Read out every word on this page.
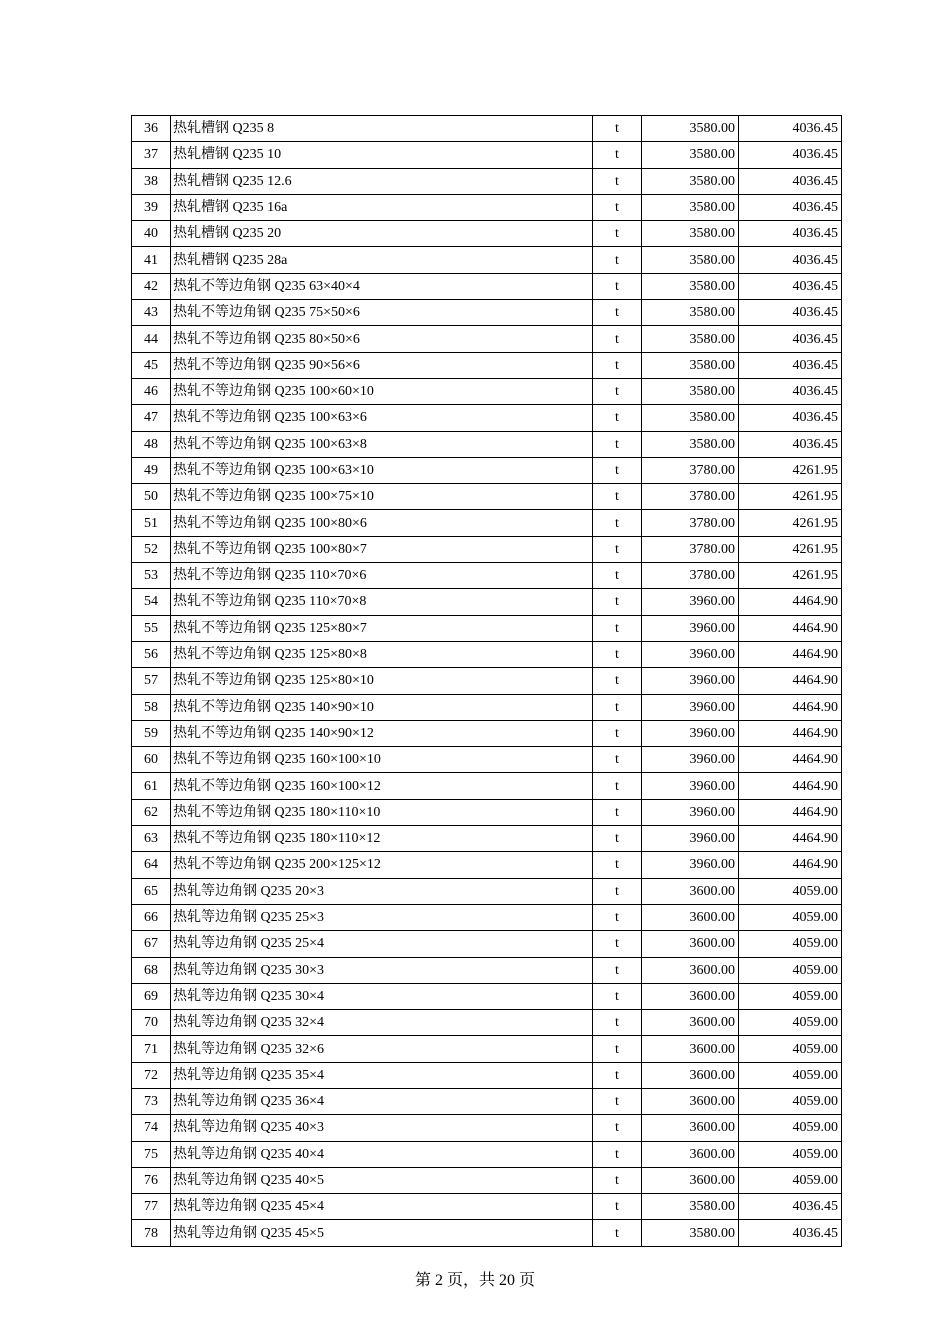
36	热轧槽钢 Q235 8	t	3580.00	4036.45
37	热轧槽钢 Q235 10	t	3580.00	4036.45
38	热轧槽钢 Q235 12.6	t	3580.00	4036.45
39	热轧槽钢 Q235 16a	t	3580.00	4036.45
40	热轧槽钢 Q235 20	t	3580.00	4036.45
41	热轧槽钢 Q235 28a	t	3580.00	4036.45
42	热轧不等边角钢 Q235 63×40×4	t	3580.00	4036.45
43	热轧不等边角钢 Q235 75×50×6	t	3580.00	4036.45
44	热轧不等边角钢 Q235 80×50×6	t	3580.00	4036.45
45	热轧不等边角钢 Q235 90×56×6	t	3580.00	4036.45
46	热轧不等边角钢 Q235 100×60×10	t	3580.00	4036.45
47	热轧不等边角钢 Q235 100×63×6	t	3580.00	4036.45
48	热轧不等边角钢 Q235 100×63×8	t	3580.00	4036.45
49	热轧不等边角钢 Q235 100×63×10	t	3780.00	4261.95
50	热轧不等边角钢 Q235 100×75×10	t	3780.00	4261.95
51	热轧不等边角钢 Q235 100×80×6	t	3780.00	4261.95
52	热轧不等边角钢 Q235 100×80×7	t	3780.00	4261.95
53	热轧不等边角钢 Q235 110×70×6	t	3780.00	4261.95
54	热轧不等边角钢 Q235 110×70×8	t	3960.00	4464.90
55	热轧不等边角钢 Q235 125×80×7	t	3960.00	4464.90
56	热轧不等边角钢 Q235 125×80×8	t	3960.00	4464.90
57	热轧不等边角钢 Q235 125×80×10	t	3960.00	4464.90
58	热轧不等边角钢 Q235 140×90×10	t	3960.00	4464.90
59	热轧不等边角钢 Q235 140×90×12	t	3960.00	4464.90
60	热轧不等边角钢 Q235 160×100×10	t	3960.00	4464.90
61	热轧不等边角钢 Q235 160×100×12	t	3960.00	4464.90
62	热轧不等边角钢 Q235 180×110×10	t	3960.00	4464.90
63	热轧不等边角钢 Q235 180×110×12	t	3960.00	4464.90
64	热轧不等边角钢 Q235 200×125×12	t	3960.00	4464.90
65	热轧等边角钢 Q235 20×3	t	3600.00	4059.00
66	热轧等边角钢 Q235 25×3	t	3600.00	4059.00
67	热轧等边角钢 Q235 25×4	t	3600.00	4059.00
68	热轧等边角钢 Q235 30×3	t	3600.00	4059.00
69	热轧等边角钢 Q235 30×4	t	3600.00	4059.00
70	热轧等边角钢 Q235 32×4	t	3600.00	4059.00
71	热轧等边角钢 Q235 32×6	t	3600.00	4059.00
72	热轧等边角钢 Q235 35×4	t	3600.00	4059.00
73	热轧等边角钢 Q235 36×4	t	3600.00	4059.00
74	热轧等边角钢 Q235 40×3	t	3600.00	4059.00
75	热轧等边角钢 Q235 40×4	t	3600.00	4059.00
76	热轧等边角钢 Q235 40×5	t	3600.00	4059.00
77	热轧等边角钢 Q235 45×4	t	3580.00	4036.45
78	热轧等边角钢 Q235 45×5	t	3580.00	4036.45
第 2 页，共 20 页
